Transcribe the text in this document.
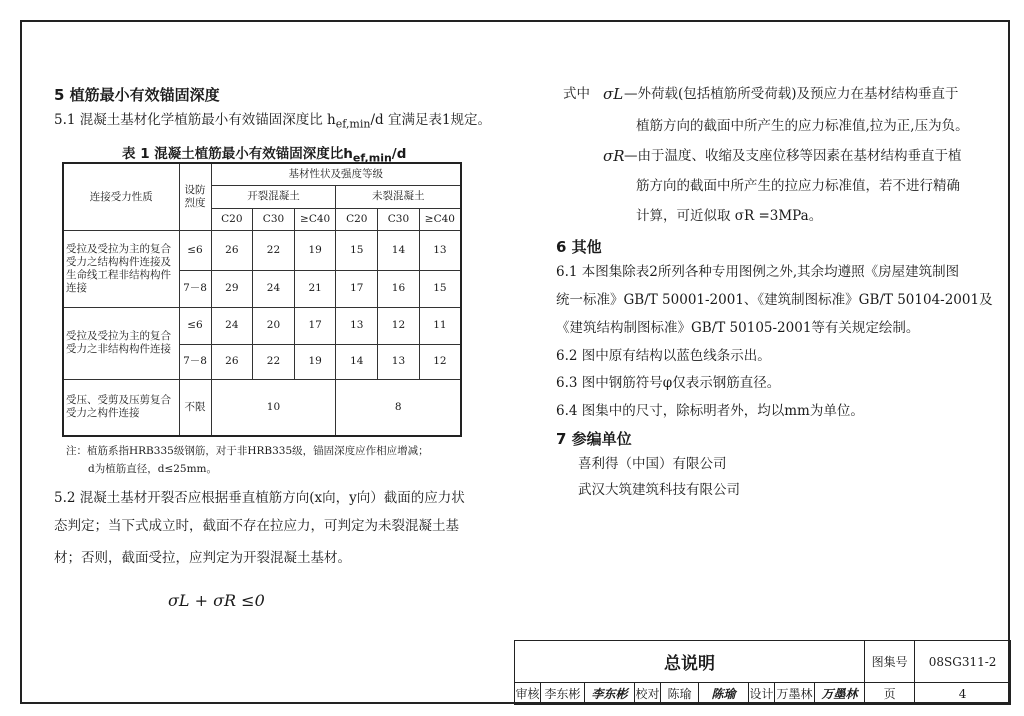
5 植筋最小有效锚固深度
5.1 混凝土基材化学植筋最小有效锚固深度比 $h_{ef,min}/d$ 宜满足表1规定。
表 1 混凝土植筋最小有效锚固深度比$h_{ef,min}/d$
连接受力性质	设防烈度	基材性状及强度等级					
		开裂混凝土			未裂混凝土		
		C20	C30	≥C40	C20	C30	≥C40
受拉及受拉为主的复合受力之结构构件连接及生命线工程非结构构件连接	≤6	26	22	19	15	14	13
	7－8	29	24	21	17	16	15
受拉及受拉为主的复合受力之非结构构件连接	≤6	24	20	17	13	12	11
	7－8	26	22	19	14	13	12
受压、受剪及压剪复合受力之构件连接	不限	10			8		
注：植筋系指HRB335级钢筋，对于非HRB335级，锚固深度应作相应增减；
d为植筋直径，d≤25mm。
5.2 混凝土基材开裂否应根据垂直植筋方向(x向，y向）截面的应力状
态判定；当下式成立时，截面不存在拉应力，可判定为未裂混凝土基
材；否则，截面受拉，应判定为开裂混凝土基材。
σL + σR ≤0
式中 σL —外荷载(包括植筋所受荷载)及预应力在基材结构垂直于
植筋方向的截面中所产生的应力标准值,拉为正,压为负。
σR —由于温度、收缩及支座位移等因素在基材结构垂直于植
筋方向的截面中所产生的拉应力标准值，若不进行精确
计算，可近似取 σR =3MPa。
6 其他
6.1 本图集除表2所列各种专用图例之外,其余均遵照《房屋建筑制图
统一标准》GB/T 50001-2001、《建筑制图标准》GB/T 50104-2001及
《建筑结构制图标准》GB/T 50105-2001等有关规定绘制。
6.2 图中原有结构以蓝色线条示出。
6.3 图中钢筋符号φ仅表示钢筋直径。
6.4 图集中的尺寸，除标明者外，均以mm为单位。
7 参编单位
喜利得（中国）有限公司
武汉大筑建筑科技有限公司
总说明									图集号	08SG311-2
审核	李东彬	李东彬	校对	陈瑜	陈瑜	设计	万墨林	万墨林	页	4
